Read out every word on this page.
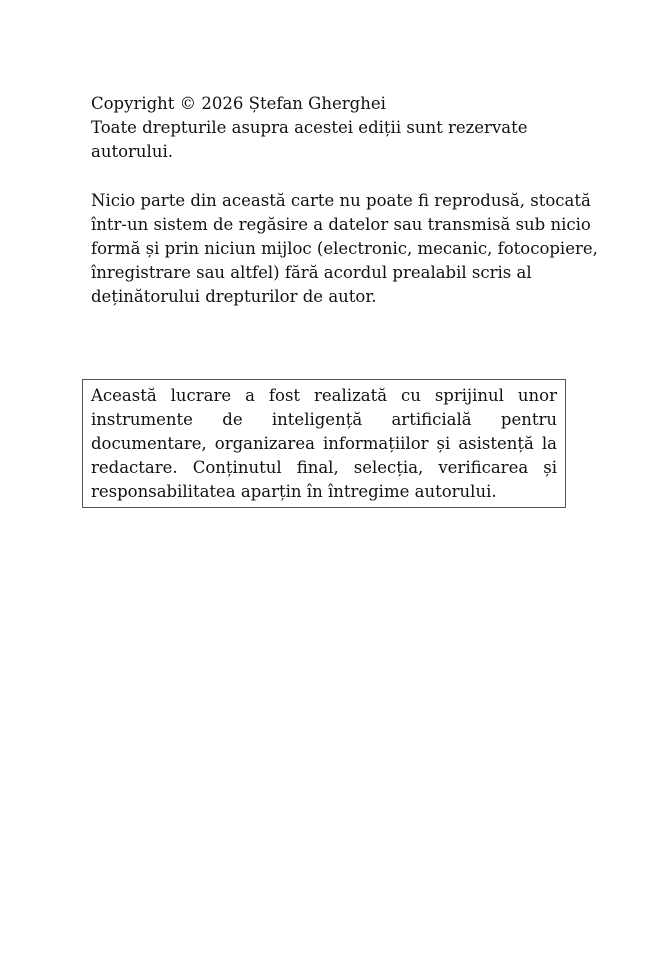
Copyright © 2026 Ștefan Gherghei
Toate drepturile asupra acestei ediții sunt rezervate
autorului.

Nicio parte din această carte nu poate fi reprodusă, stocată
într-un sistem de regăsire a datelor sau transmisă sub nicio
formă și prin niciun mijloc (electronic, mecanic, fotocopiere,
înregistrare sau altfel) fără acordul prealabil scris al
deținătorului drepturilor de autor.

Această lucrare a fost realizată cu sprijinul unor instrumente de inteligență artificială pentru documentare, organizarea informațiilor și asistență la redactare. Conținutul final, selecția, verificarea și responsabilitatea aparțin în întregime autorului.
